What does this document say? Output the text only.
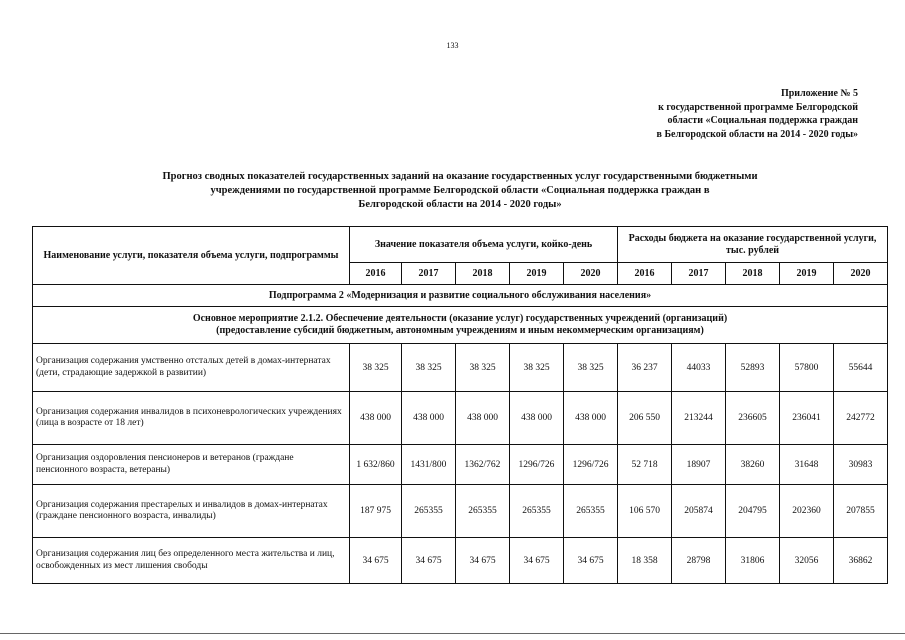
133
Приложение № 5
к государственной программе Белгородской
области «Социальная поддержка граждан
в Белгородской области на 2014 - 2020 годы»
Прогноз сводных показателей государственных заданий на оказание государственных услуг государственными бюджетными
учреждениями по государственной программе Белгородской области «Социальная поддержка граждан в
Белгородской области на 2014 - 2020 годы»
Наименование услуги, показателя объема услуги, подпрограммы	Значение показателя объема услуги, койко-день					Расходы бюджета на оказание государственной услуги, тыс. рублей				
	2016	2017	2018	2019	2020	2016	2017	2018	2019	2020
Подпрограмма 2 «Модернизация и развитие социального обслуживания населения»										

Основное мероприятие 2.1.2. Обеспечение деятельности (оказание услуг) государственных учреждений (организаций)
(предоставление субсидий бюджетным, автономным учреждениям и иным некоммерческим организациям)										

Организация содержания умственно отсталых детей в домах-интернатах (дети, страдающие задержкой в развитии)	38 325	38 325	38 325	38 325	38 325	36 237	44033	52893	57800	55644
Организация содержания инвалидов в психоневрологических учреждениях (лица в возрасте от 18 лет)	438 000	438 000	438 000	438 000	438 000	206 550	213244	236605	236041	242772
Организация оздоровления пенсионеров и ветеранов (граждане пенсионного возраста, ветераны)	1 632/860	1431/800	1362/762	1296/726	1296/726	52 718	18907	38260	31648	30983
Организация содержания престарелых и инвалидов в домах-интернатах (граждане пенсионного возраста, инвалиды)	187 975	265355	265355	265355	265355	106 570	205874	204795	202360	207855
Организация содержания лиц без определенного места жительства и лиц, освобожденных из мест лишения свободы	34 675	34 675	34 675	34 675	34 675	18 358	28798	31806	32056	36862
